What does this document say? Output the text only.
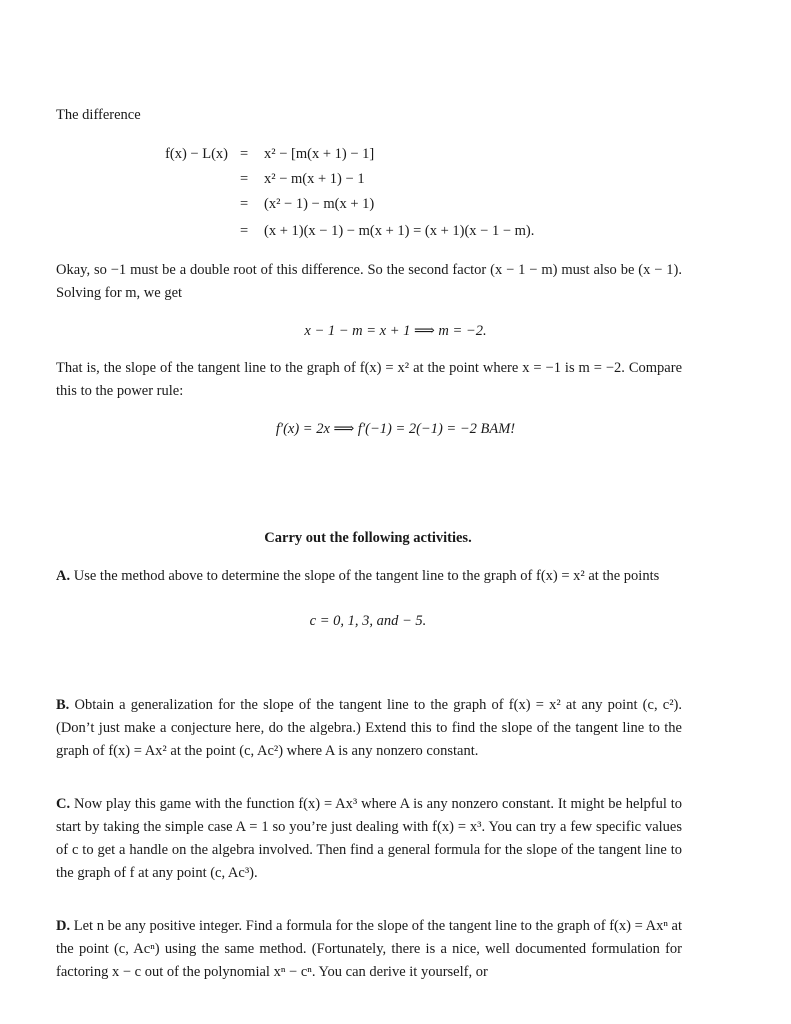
The difference
f(x) − L(x) = x² − [m(x + 1) − 1]
= x² − m(x + 1) − 1
= (x² − 1) − m(x + 1)
= (x + 1)(x − 1) − m(x + 1) = (x + 1)(x − 1 − m).
Okay, so −1 must be a double root of this difference. So the second factor (x − 1 − m) must also be (x − 1). Solving for m, we get
x − 1 − m = x + 1 ⟹ m = −2.
That is, the slope of the tangent line to the graph of f(x) = x² at the point where x = −1 is m = −2. Compare this to the power rule:
f′(x) = 2x ⟹ f′(−1) = 2(−1) = −2 BAM!
Carry out the following activities.
A. Use the method above to determine the slope of the tangent line to the graph of f(x) = x² at the points
c = 0, 1, 3, and − 5.
B. Obtain a generalization for the slope of the tangent line to the graph of f(x) = x² at any point (c, c²). (Don’t just make a conjecture here, do the algebra.) Extend this to find the slope of the tangent line to the graph of f(x) = Ax² at the point (c, Ac²) where A is any nonzero constant.
C. Now play this game with the function f(x) = Ax³ where A is any nonzero constant. It might be helpful to start by taking the simple case A = 1 so you’re just dealing with f(x) = x³. You can try a few specific values of c to get a handle on the algebra involved. Then find a general formula for the slope of the tangent line to the graph of f at any point (c, Ac³).
D. Let n be any positive integer. Find a formula for the slope of the tangent line to the graph of f(x) = Axⁿ at the point (c, Acⁿ) using the same method. (Fortunately, there is a nice, well documented formulation for factoring x − c out of the polynomial xⁿ − cⁿ. You can derive it yourself, or
